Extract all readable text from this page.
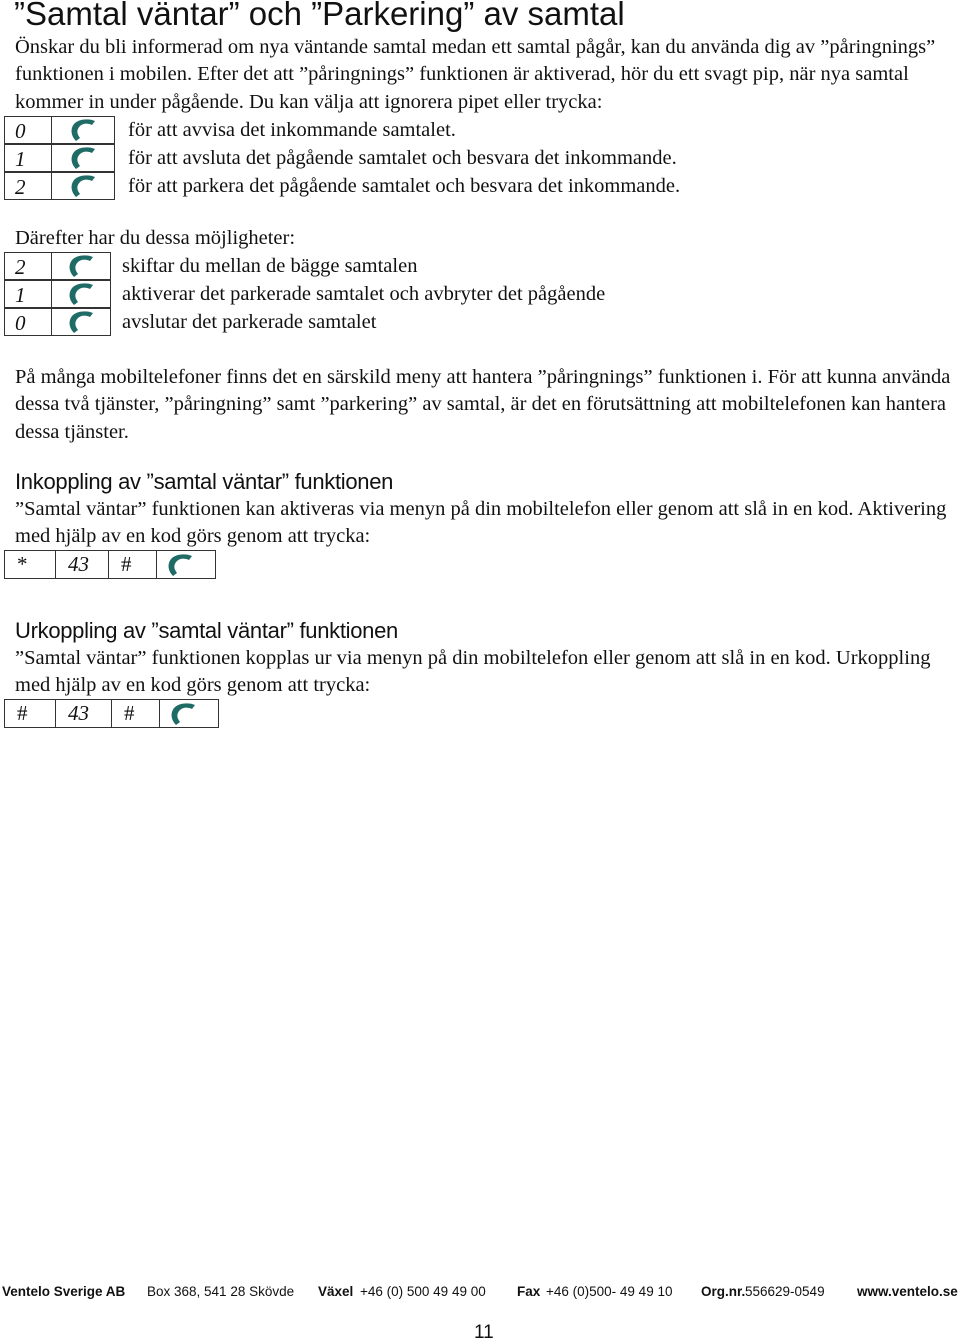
”Samtal väntar” och ”Parkering” av samtal
Önskar du bli informerad om nya väntande samtal medan ett samtal pågår, kan du använda dig av ”påringnings” funktionen i mobilen. Efter det att ”påringnings” funktionen är aktiverad, hör du ett svagt pip, när nya samtal kommer in under pågående. Du kan välja att ignorera pipet eller trycka:
0	för att avvisa det inkommande samtalet.
1	för att avsluta det pågående samtalet och besvara det inkommande.
2	för att parkera det pågående samtalet och besvara det inkommande.
Därefter har du dessa möjligheter:
2	skiftar du mellan de bägge samtalen
1	aktiverar det parkerade samtalet och avbryter det pågående
0	avslutar det parkerade samtalet
På många mobiltelefoner finns det en särskild meny att hantera ”påringnings” funktionen i. För att kunna använda dessa två tjänster, ”påringning” samt ”parkering” av samtal, är det en förutsättning att mobiltelefonen kan hantera dessa tjänster.
Inkoppling av ”samtal väntar” funktionen
”Samtal väntar” funktionen kan aktiveras via menyn på din mobiltelefon eller genom att slå in en kod. Aktivering med hjälp av en kod görs genom att trycka:
*	43	#
Urkoppling av ”samtal väntar” funktionen
”Samtal väntar” funktionen kopplas ur via menyn på din mobiltelefon eller genom att slå in en kod. Urkoppling med hjälp av en kod görs genom att trycka:
#	43	#
Ventelo Sverige AB Box 368, 541 28 Skövde Växel +46 (0) 500 49 49 00 Fax +46 (0)500- 49 49 10 Org.nr. 556629-0549 www.ventelo.se
11
